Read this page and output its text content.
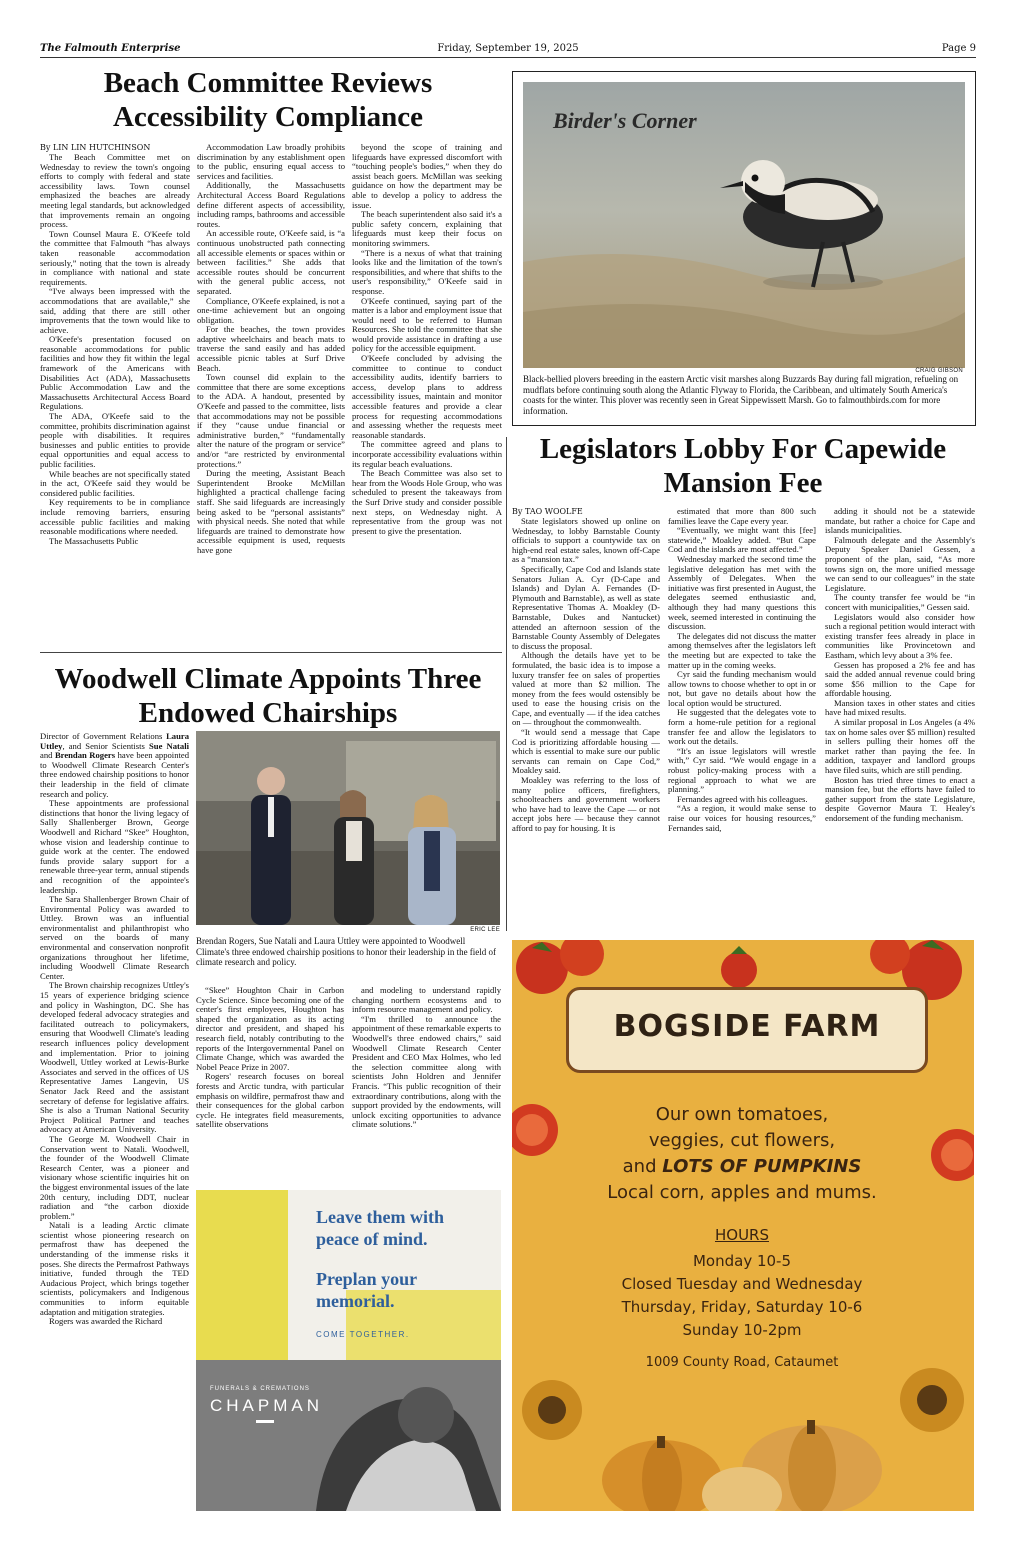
The Falmouth Enterprise	Friday, September 19, 2025	Page 9
Beach Committee Reviews Accessibility Compliance
By LIN LIN HUTCHINSON

The Beach Committee met on Wednesday to review the town's ongoing efforts to comply with federal and state accessibility laws. Town counsel emphasized the beaches are already meeting legal standards, but acknowledged that improvements remain an ongoing process.

Town Counsel Maura E. O'Keefe told the committee that Falmouth “has always taken reasonable accommodation seriously,” noting that the town is already in compliance with national and state requirements.

“I've always been impressed with the accommodations that are available,” she said, adding that there are still other improvements that the town would like to achieve.

O'Keefe's presentation focused on reasonable accommodations for public facilities and how they fit within the legal framework of the Americans with Disabilities Act (ADA), Massachusetts Public Accommodation Law and the Massachusetts Architectural Access Board Regulations.

The ADA, O'Keefe said to the committee, prohibits discrimination against people with disabilities. It requires businesses and public entities to provide equal opportunities and equal access to public facilities.

While beaches are not specifically stated in the act, O'Keefe said they would be considered public facilities.

Key requirements to be in compliance include removing barriers, ensuring accessible public facilities and making reasonable modifications where needed.

The Massachusetts Public

Accommodation Law broadly prohibits discrimination by any establishment open to the public, ensuring equal access to services and facilities.

Additionally, the Massachusetts Architectural Access Board Regulations define different aspects of accessibility, including ramps, bathrooms and accessible routes.

An accessible route, O'Keefe said, is “a continuous unobstructed path connecting all accessible elements or spaces within or between facilities.” She adds that accessible routes should be concurrent with the general public access, not separated.

Compliance, O'Keefe explained, is not a one-time achievement but an ongoing obligation.

For the beaches, the town provides adaptive wheelchairs and beach mats to traverse the sand easily and has added accessible picnic tables at Surf Drive Beach.

Town counsel did explain to the committee that there are some exceptions to the ADA. A handout, presented by O'Keefe and passed to the committee, lists that accommodations may not be possible if they “cause undue financial or administrative burden,” “fundamentally alter the nature of the program or service” and/or “are restricted by environmental protections.”

During the meeting, Assistant Beach Superintendent Brooke McMillan highlighted a practical challenge facing staff. She said lifeguards are increasingly being asked to be “personal assistants” with physical needs. She noted that while lifeguards are trained to demonstrate how accessible equipment is used, requests have gone

beyond the scope of training and lifeguards have expressed discomfort with “touching people's bodies,” when they do assist beach goers. McMillan was seeking guidance on how the department may be able to develop a policy to address the issue.

The beach superintendent also said it's a public safety concern, explaining that lifeguards must keep their focus on monitoring swimmers.

“There is a nexus of what that training looks like and the limitation of the town's responsibilities, and where that shifts to the user's responsibility,” O'Keefe said in response.

O'Keefe continued, saying part of the matter is a labor and employment issue that would need to be referred to Human Resources. She told the committee that she would provide assistance in drafting a use policy for the accessible equipment.

O'Keefe concluded by advising the committee to continue to conduct accessibility audits, identify barriers to access, develop plans to address accessibility issues, maintain and monitor accessible features and provide a clear process for requesting accommodations and assessing whether the requests meet reasonable standards.

The committee agreed and plans to incorporate accessibility evaluations within its regular beach evaluations.

The Beach Committee was also set to hear from the Woods Hole Group, who was scheduled to present the takeaways from the Surf Drive study and consider possible next steps, on Wednesday night. A representative from the group was not present to give the presentation.

Birder's Corner
CRAIG GIBSON
Black-bellied plovers breeding in the eastern Arctic visit marshes along Buzzards Bay during fall migration, refueling on mudflats before continuing south along the Atlantic Flyway to Florida, the Caribbean, and ultimately South America's coasts for the winter. This plover was recently seen in Great Sippewissett Marsh. Go to falmouthbirds.com for more information.
Legislators Lobby For Capewide Mansion Fee
By TAO WOOLFE

State legislators showed up online on Wednesday, to lobby Barnstable County officials to support a countywide tax on high-end real estate sales, known off-Cape as a “mansion tax.”

Specifically, Cape Cod and Islands state Senators Julian A. Cyr (D-Cape and Islands) and Dylan A. Fernandes (D-Plymouth and Barnstable), as well as state Representative Thomas A. Moakley (D-Barnstable, Dukes and Nantucket) attended an afternoon session of the Barnstable County Assembly of Delegates to discuss the proposal.

Although the details have yet to be formulated, the basic idea is to impose a luxury transfer fee on sales of properties valued at more than $2 million. The money from the fees would ostensibly be used to ease the housing crisis on the Cape, and eventually — if the idea catches on — throughout the commonwealth.

“It would send a message that Cape Cod is prioritizing affordable housing — which is essential to make sure our public servants can remain on Cape Cod,” Moakley said.

Moakley was referring to the loss of many police officers, firefighters, schoolteachers and government workers who have had to leave the Cape — or not accept jobs here — because they cannot afford to pay for housing. It is

estimated that more than 800 such families leave the Cape every year.

“Eventually, we might want this [fee] statewide,” Moakley added. “But Cape Cod and the islands are most affected.”

Wednesday marked the second time the legislative delegation has met with the Assembly of Delegates. When the initiative was first presented in August, the delegates seemed enthusiastic and, although they had many questions this week, seemed interested in continuing the discussion.

The delegates did not discuss the matter among themselves after the legislators left the meeting but are expected to take the matter up in the coming weeks.

Cyr said the funding mechanism would allow towns to choose whether to opt in or not, but gave no details about how the local option would be structured.

He suggested that the delegates vote to form a home-rule petition for a regional transfer fee and allow the legislators to work out the details.

“It's an issue legislators will wrestle with,” Cyr said. “We would engage in a robust policy-making process with a regional approach to what we are planning.”

Fernandes agreed with his colleagues.

“As a region, it would make sense to raise our voices for housing resources,” Fernandes said,

adding it should not be a statewide mandate, but rather a choice for Cape and islands municipalities.

Falmouth delegate and the Assembly's Deputy Speaker Daniel Gessen, a proponent of the plan, said, “As more towns sign on, the more unified message we can send to our colleagues” in the state Legislature.

The county transfer fee would be “in concert with municipalities,” Gessen said.

Legislators would also consider how such a regional petition would interact with existing transfer fees already in place in communities like Provincetown and Eastham, which levy about a 3% fee.

Gessen has proposed a 2% fee and has said the added annual revenue could bring some $56 million to the Cape for affordable housing.

Mansion taxes in other states and cities have had mixed results.

A similar proposal in Los Angeles (a 4% tax on home sales over $5 million) resulted in sellers pulling their homes off the market rather than paying the fee. In addition, taxpayer and landlord groups have filed suits, which are still pending.

Boston has tried three times to enact a mansion fee, but the efforts have failed to gather support from the state Legislature, despite Governor Maura T. Healey's endorsement of the funding mechanism.

Woodwell Climate Appoints Three Endowed Chairships

Director of Government Relations Laura Uttley, and Senior Scientists Sue Natali and Brendan Rogers have been appointed to Woodwell Climate Research Center's three endowed chairship positions to honor their leadership in the field of climate research and policy.

These appointments are professional distinctions that honor the living legacy of Sally Shallenberger Brown, George Woodwell and Richard “Skee” Houghton, whose vision and leadership continue to guide work at the center. The endowed funds provide salary support for a renewable three-year term, annual stipends and recognition of the appointee's leadership.

The Sara Shallenberger Brown Chair of Environmental Policy was awarded to Uttley. Brown was an influential environmentalist and philanthropist who served on the boards of many environmental and conservation nonprofit organizations throughout her lifetime, including Woodwell Climate Research Center.

The Brown chairship recognizes Uttley's 15 years of experience bridging science and policy in Washington, DC. She has developed federal advocacy strategies and facilitated outreach to policymakers, ensuring that Woodwell Climate's leading research influences policy development and implementation. Prior to joining Woodwell, Uttley worked at Lewis-Burke Associates and served in the offices of US Representative James Langevin, US Senator Jack Reed and the assistant secretary of defense for legislative affairs. She is also a Truman National Security Project Political Partner and teaches advocacy at American University.

The George M. Woodwell Chair in Conservation went to Natali. Woodwell, the founder of the Woodwell Climate Research Center, was a pioneer and visionary whose scientific inquiries hit on the biggest environmental issues of the late 20th century, including DDT, nuclear radiation and “the carbon dioxide problem.”

Natali is a leading Arctic climate scientist whose pioneering research on permafrost thaw has deepened the understanding of the immense risks it poses. She directs the Permafrost Pathways initiative, funded through the TED Audacious Project, which brings together scientists, policymakers and Indigenous communities to inform equitable adaptation and mitigation strategies.

Rogers was awarded the Richard

ERIC LEE
Brendan Rogers, Sue Natali and Laura Uttley were appointed to Woodwell Climate's three endowed chairship positions to honor their leadership in the field of climate research and policy.

“Skee” Houghton Chair in Carbon Cycle Science. Since becoming one of the center's first employees, Houghton has shaped the organization as its acting director and president, and shaped his research field, notably contributing to the reports of the Intergovernmental Panel on Climate Change, which was awarded the Nobel Peace Prize in 2007.

Rogers' research focuses on boreal forests and Arctic tundra, with particular emphasis on wildfire, permafrost thaw and their consequences for the global carbon cycle. He integrates field measurements, satellite observations

and modeling to understand rapidly changing northern ecosystems and to inform resource management and policy.

“I'm thrilled to announce the appointment of these remarkable experts to Woodwell's three endowed chairs,” said Woodwell Climate Research Center President and CEO Max Holmes, who led the selection committee along with scientists John Holdren and Jennifer Francis. “This public recognition of their extraordinary contributions, along with the support provided by the endowments, will unlock exciting opportunities to advance climate solutions.”

Leave them with peace of mind.
Preplan your memorial.
COME TOGETHER.
FUNERALS & CREMATIONS
CHAPMAN
BOGSIDE FARM
Our own tomatoes,
veggies, cut flowers,
and LOTS OF PUMPKINS
Local corn, apples and mums.
HOURS
Monday 10-5
Closed Tuesday and Wednesday
Thursday, Friday, Saturday 10-6
Sunday 10-2pm
1009 County Road, Cataumet
